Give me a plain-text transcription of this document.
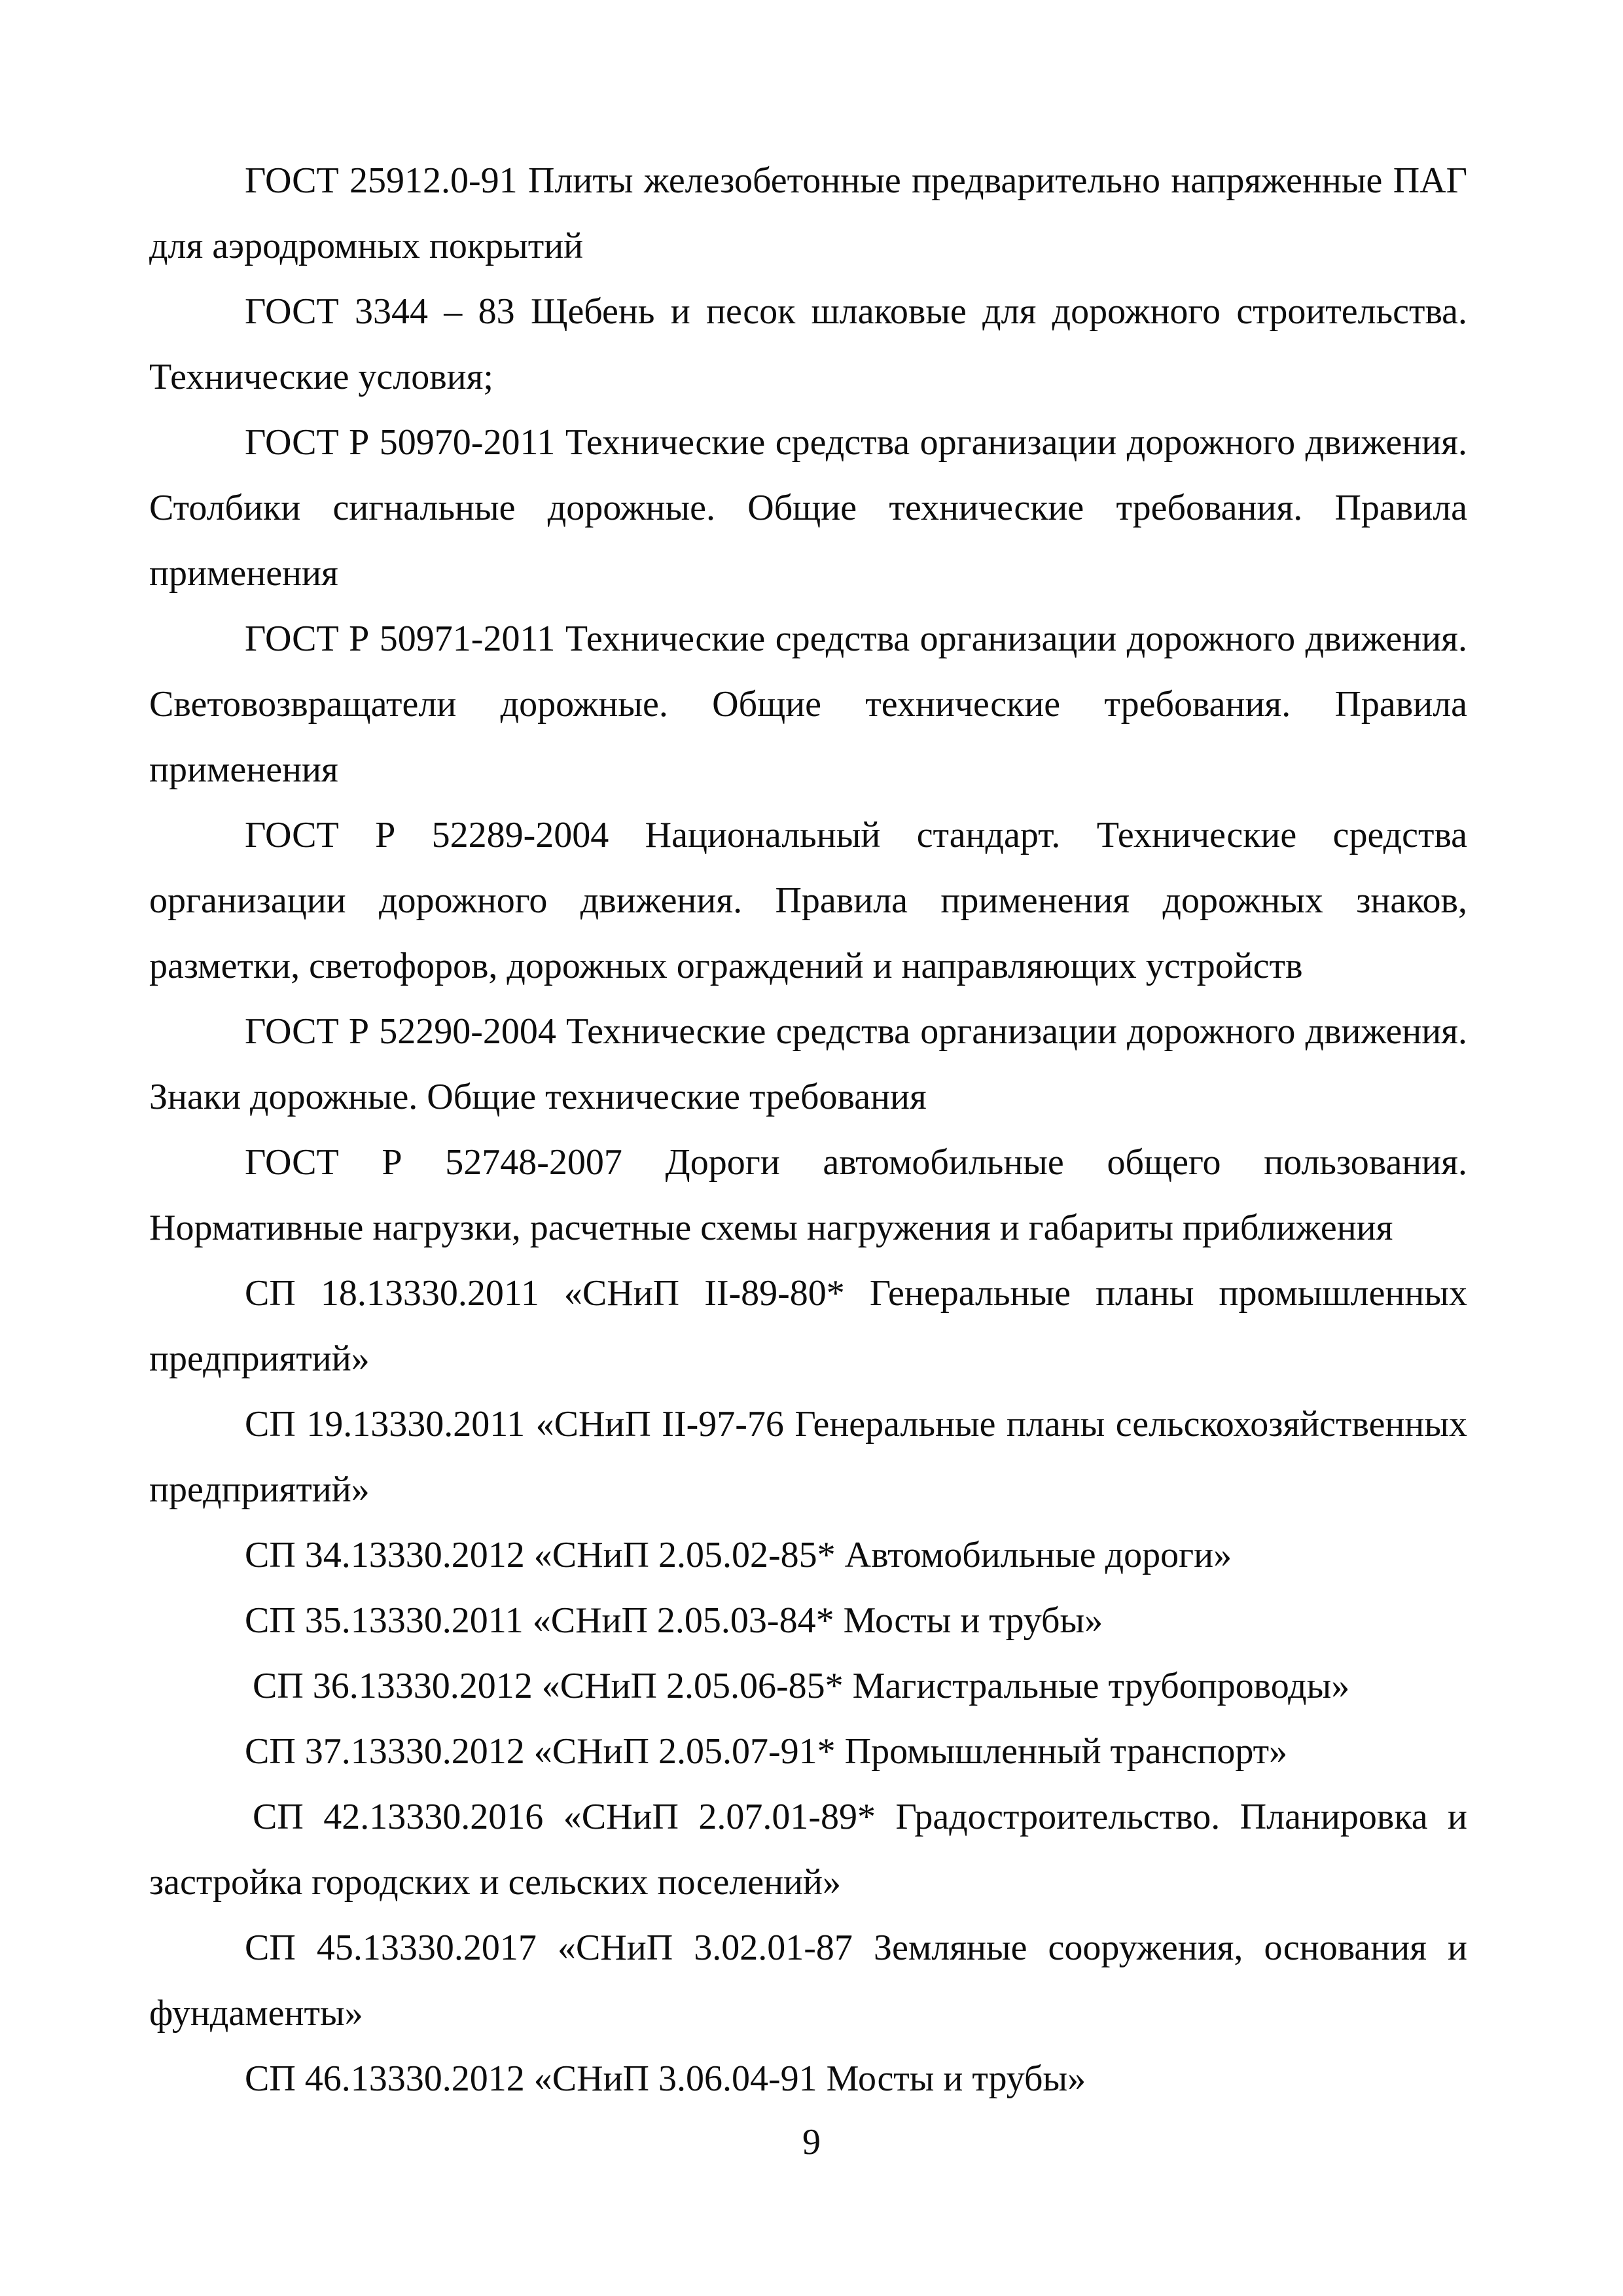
ГОСТ 25912.0-91 Плиты железобетонные предварительно напряженные ПАГ для аэродромных покрытий

ГОСТ 3344 – 83 Щебень и песок шлаковые для дорожного строительства. Технические условия;

ГОСТ Р 50970-2011 Технические средства организации дорожного движения. Столбики сигнальные дорожные. Общие технические требования. Правила применения

ГОСТ Р 50971-2011 Технические средства организации дорожного движения. Световозвращатели дорожные. Общие технические требования. Правила применения

ГОСТ Р 52289-2004 Национальный стандарт. Технические средства организации дорожного движения. Правила применения дорожных знаков, разметки, светофоров, дорожных ограждений и направляющих устройств

ГОСТ Р 52290-2004 Технические средства организации дорожного движения. Знаки дорожные. Общие технические требования

ГОСТ Р 52748-2007 Дороги автомобильные общего пользования. Нормативные нагрузки, расчетные схемы нагружения и габариты приближения

СП 18.13330.2011 «СНиП II-89-80* Генеральные планы промышленных предприятий»

СП 19.13330.2011 «СНиП II-97-76 Генеральные планы сельскохозяйственных предприятий»

СП 34.13330.2012 «СНиП 2.05.02-85* Автомобильные дороги»

СП 35.13330.2011 «СНиП 2.05.03-84* Мосты и трубы»

СП 36.13330.2012 «СНиП 2.05.06-85* Магистральные трубопроводы»

СП 37.13330.2012 «СНиП 2.05.07-91* Промышленный транспорт»

СП 42.13330.2016 «СНиП 2.07.01-89* Градостроительство. Планировка и застройка городских и сельских поселений»

СП 45.13330.2017 «СНиП 3.02.01-87 Земляные сооружения, основания и фундаменты»

СП 46.13330.2012 «СНиП 3.06.04-91 Мосты и трубы»

9
